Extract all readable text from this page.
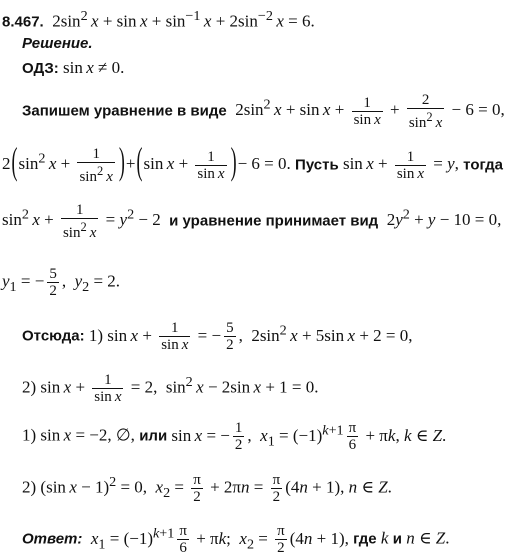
8.467.  $2\sin^2$  $x + \sin x + \sin^{-1} x + 2\sin^{-2}$  x = 6.
Решение.
ОДЗ: sin x ≠ 0.
Запишем уравнение в виде  $2\sin^2$  $x + \sin x + \frac{1}{\text{sin x}} + \frac{2}{\sin^2 x} - 6 = 0$,
$2(\sin^2$  $x + \frac{1}{\sin^2 x} )+(\sin$ $x + \frac{1}{\text{sin x}}$ )− 6 = 0. Пусть $\sin x + \frac{1}{\text{sin x}} = y$, тогда
$\sin^2 x + \frac{1}{\sin^2 x} = y^2 - 2$  и уравнение принимает вид  $2y^2 + y - 10 = 0$,
$y_1$ = − $\frac{5}{2}$ ,  $y_2 = 2$.
Отсюда: 1) $\sin x + \frac{1}{\text{sin x}}$ = − $\frac{5}{2}$ ,  $2\sin^2$  x + 5sin x + 2 = 0,
2) $\sin x + \frac{1}{\text{sin x}} = 2$,  $\sin^2 x - 2\sin$ x + 1 = 0.
1) sin x = −2, ∅, или sin x = − $\frac{1}{2}$ ,  $x_1 = (-1)^{k+1} \frac{\pi}{6} + \pi k$, k ∈ Z.
2) (sin x − 1)$^2$ = 0,  $x_2 = \frac{\pi}{2} + 2\pi n = \frac{\pi}{2} (4n + 1)$, n ∈ Z.
Ответ: $x_1 = (-1)^{k+1} \frac{\pi}{6} + \pi k$;  $x_2 = \frac{\pi}{2} (4n + 1)$, где k и n ∈ Z.
